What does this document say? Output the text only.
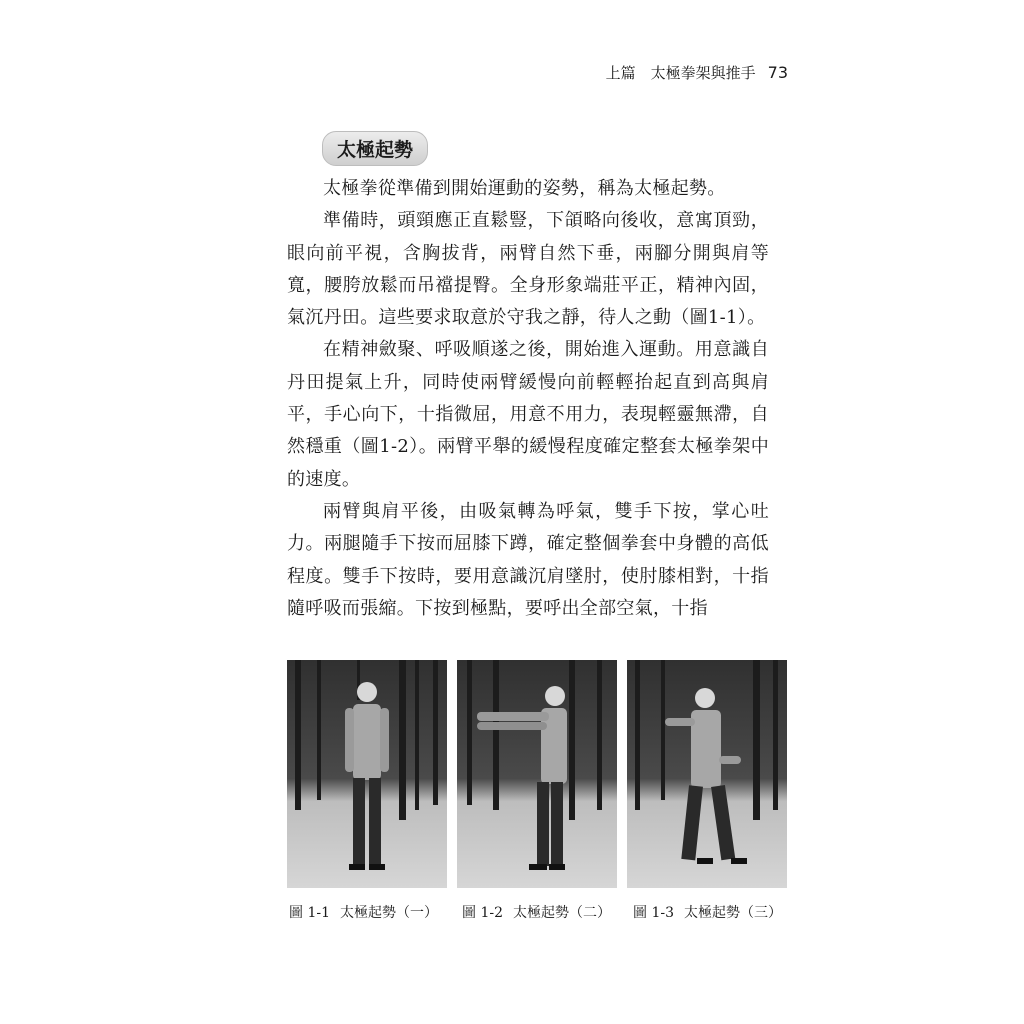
上篇　太極拳架與推手 73
太極起勢

太極拳從準備到開始運動的姿勢，稱為太極起勢。

準備時，頭頸應正直鬆豎，下頜略向後收，意寓頂勁，眼向前平視，含胸拔背，兩臂自然下垂，兩腳分開與肩等寬，腰胯放鬆而吊襠提臀。全身形象端莊平正，精神內固，氣沉丹田。這些要求取意於守我之靜，待人之動（圖1-1）。

在精神斂聚、呼吸順遂之後，開始進入運動。用意識自丹田提氣上升，同時使兩臂緩慢向前輕輕抬起直到高與肩平，手心向下，十指微屈，用意不用力，表現輕靈無滯，自然穩重（圖1-2）。兩臂平舉的緩慢程度確定整套太極拳架中的速度。

兩臂與肩平後，由吸氣轉為呼氣，雙手下按，掌心吐力。兩腿隨手下按而屈膝下蹲，確定整個拳套中身體的高低程度。雙手下按時，要用意識沉肩墜肘，使肘膝相對，十指隨呼吸而張縮。下按到極點，要呼出全部空氣，十指

圖 1-1 太極起勢（一） 圖 1-2 太極起勢（二） 圖 1-3 太極起勢（三）
